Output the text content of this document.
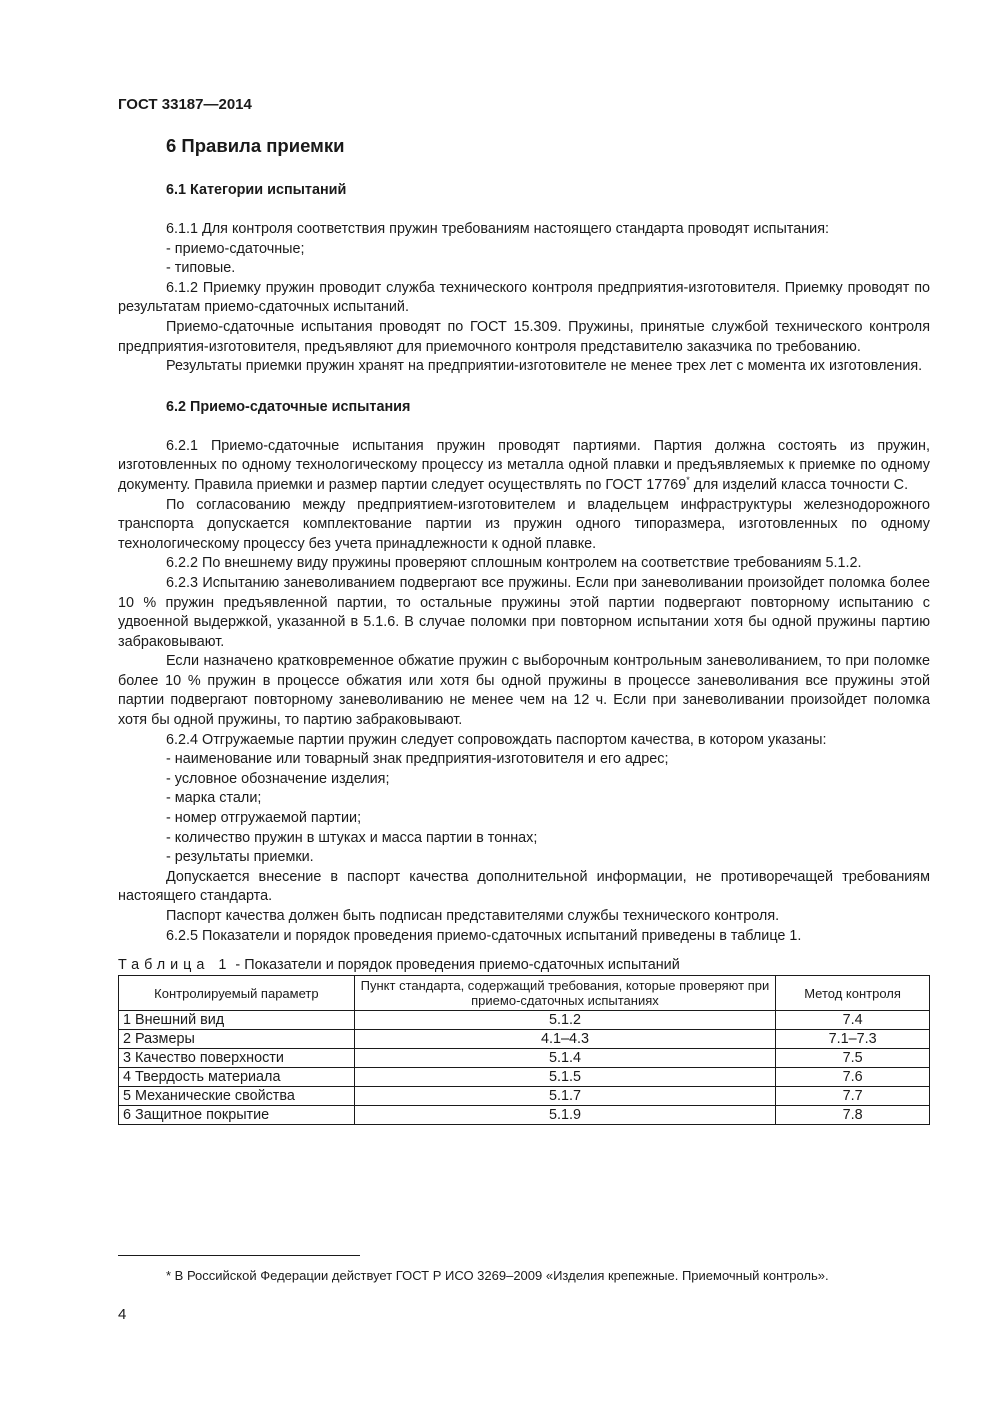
ГОСТ 33187—2014
6 Правила приемки
6.1 Категории испытаний

6.1.1 Для контроля соответствия пружин требованиям настоящего стандарта проводят испытания:

- приемо-сдаточные;

- типовые.

6.1.2 Приемку пружин проводит служба технического контроля предприятия-изготовителя. Приемку проводят по результатам приемо-сдаточных испытаний.

Приемо-сдаточные испытания проводят по ГОСТ 15.309. Пружины, принятые службой технического контроля предприятия-изготовителя, предъявляют для приемочного контроля представителю заказчика по требованию.

Результаты приемки пружин хранят на предприятии-изготовителе не менее трех лет с момента их изготовления.

6.2 Приемо-сдаточные испытания

6.2.1 Приемо-сдаточные испытания пружин проводят партиями. Партия должна состоять из пружин, изготовленных по одному технологическому процессу из металла одной плавки и предъявляемых к приемке по одному документу. Правила приемки и размер партии следует осуществлять по ГОСТ 17769* для изделий класса точности С.

По согласованию между предприятием-изготовителем и владельцем инфраструктуры железнодорожного транспорта допускается комплектование партии из пружин одного типоразмера, изготовленных по одному технологическому процессу без учета принадлежности к одной плавке.

6.2.2 По внешнему виду пружины проверяют сплошным контролем на соответствие требованиям 5.1.2.

6.2.3 Испытанию заневоливанием подвергают все пружины. Если при заневоливании произойдет поломка более 10 % пружин предъявленной партии, то остальные пружины этой партии подвергают повторному испытанию с удвоенной выдержкой, указанной в 5.1.6. В случае поломки при повторном испытании хотя бы одной пружины партию забраковывают.

Если назначено кратковременное обжатие пружин с выборочным контрольным заневоливанием, то при поломке более 10 % пружин в процессе обжатия или хотя бы одной пружины в процессе заневоливания все пружины этой партии подвергают повторному заневоливанию не менее чем на 12 ч. Если при заневоливании произойдет поломка хотя бы одной пружины, то партию забраковывают.

6.2.4 Отгружаемые партии пружин следует сопровождать паспортом качества, в котором указаны:

- наименование или товарный знак предприятия-изготовителя и его адрес;

- условное обозначение изделия;

- марка стали;

- номер отгружаемой партии;

- количество пружин в штуках и масса партии в тоннах;

- результаты приемки.

Допускается внесение в паспорт качества дополнительной информации, не противоречащей требованиям настоящего стандарта.

Паспорт качества должен быть подписан представителями службы технического контроля.

6.2.5 Показатели и порядок проведения приемо-сдаточных испытаний приведены в таблице 1.

Таблица 1 - Показатели и порядок проведения приемо-сдаточных испытаний
Контролируемый параметр	Пункт стандарта, содержащий требования, которые проверяют при приемо-сдаточных испытаниях	Метод контроля
1 Внешний вид	5.1.2	7.4
2 Размеры	4.1–4.3	7.1–7.3
3 Качество поверхности	5.1.4	7.5
4 Твердость материала	5.1.5	7.6
5 Механические свойства	5.1.7	7.7
6 Защитное покрытие	5.1.9	7.8
* В Российской Федерации действует ГОСТ Р ИСО 3269–2009 «Изделия крепежные. Приемочный контроль».
4
